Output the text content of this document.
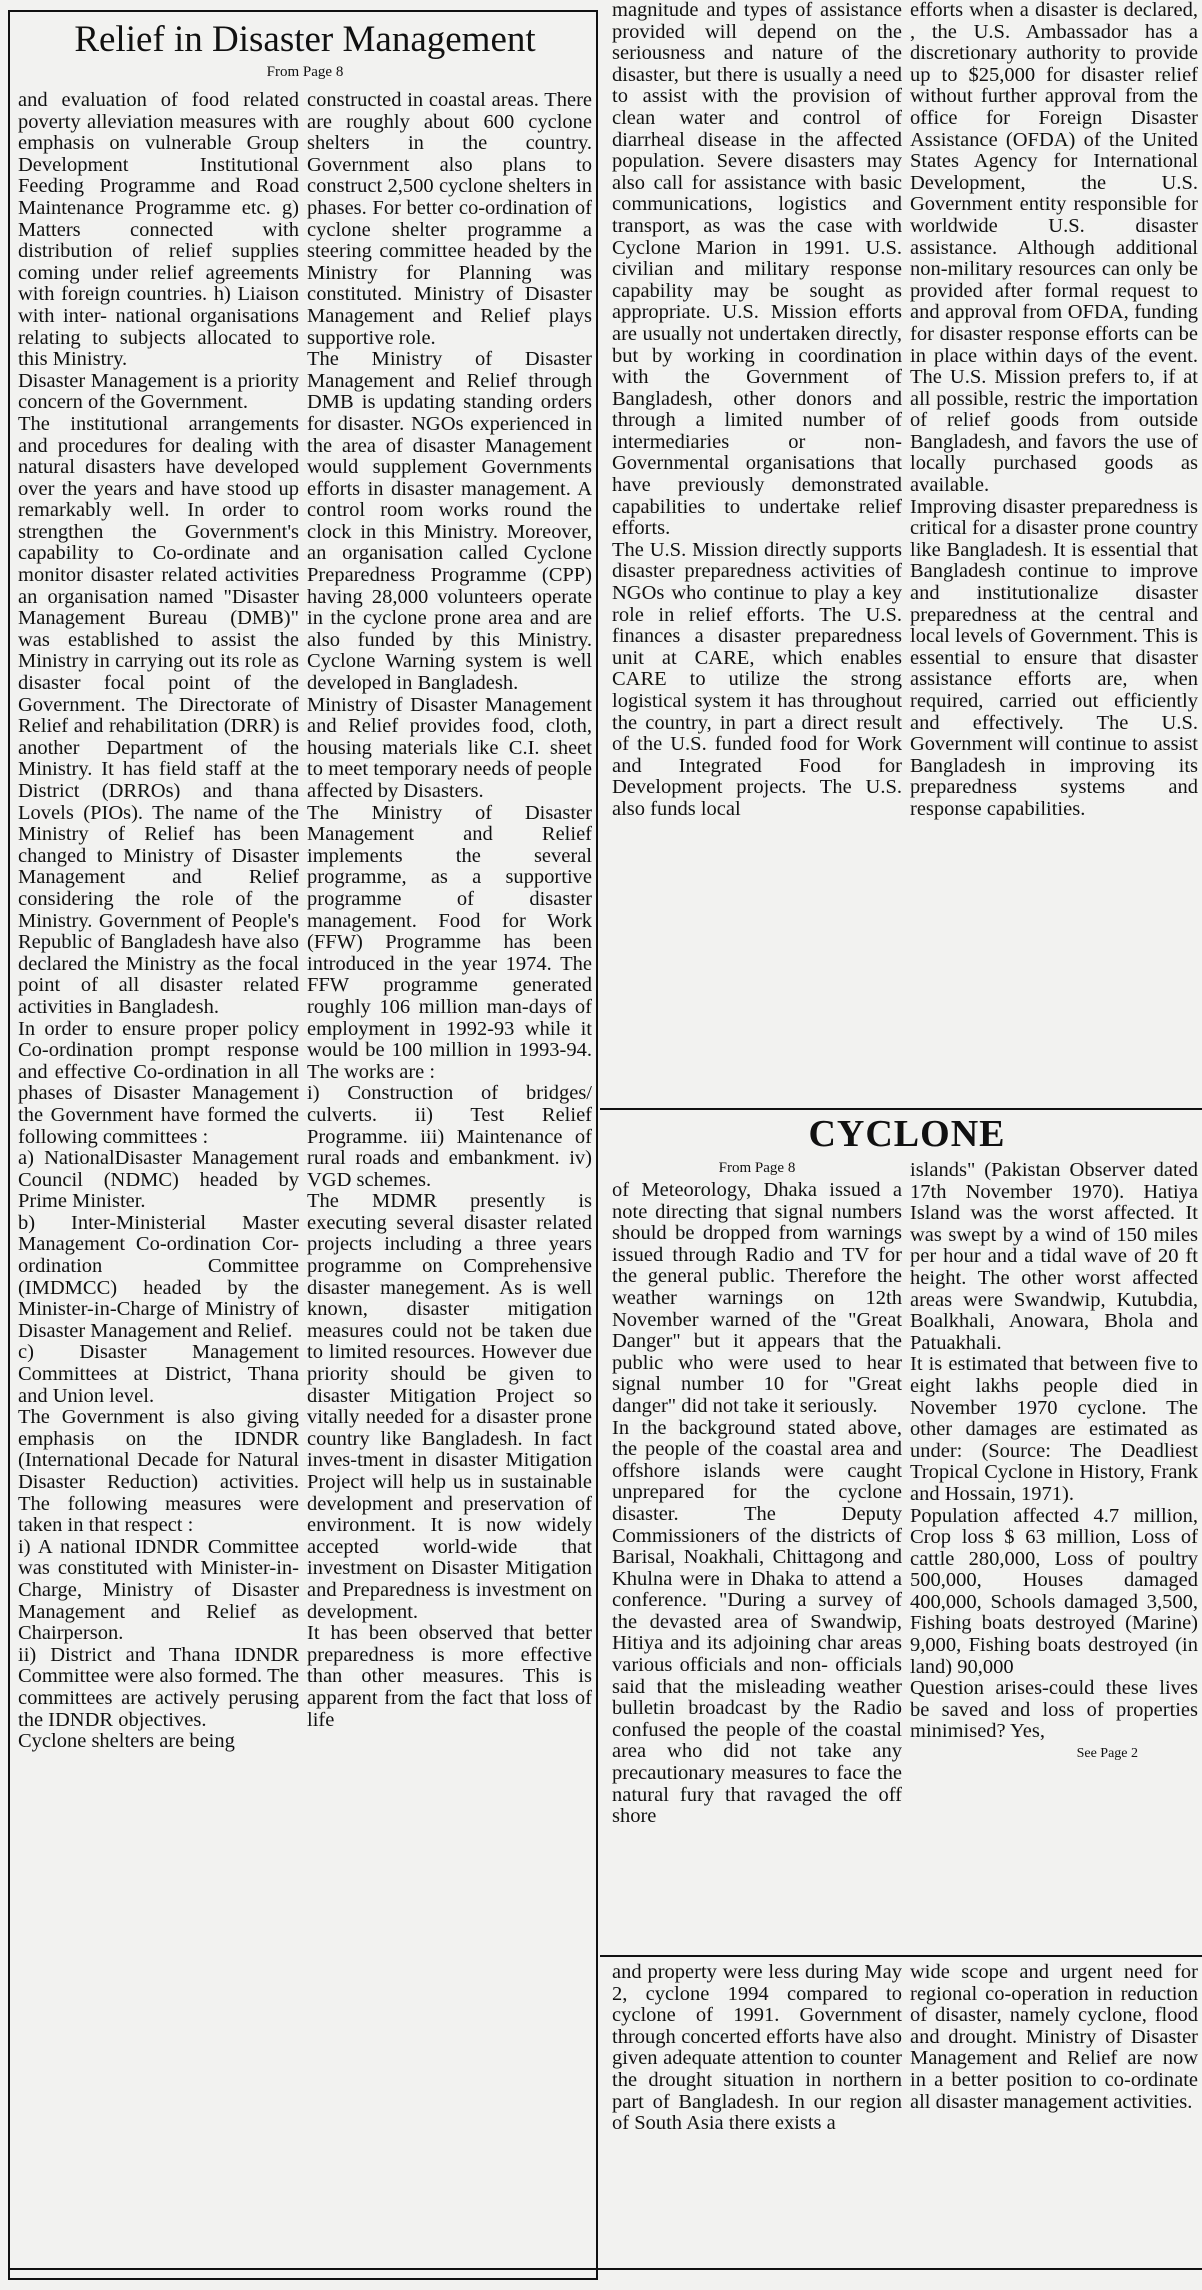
Relief in Disaster Management
From Page 8

and evaluation of food related poverty alleviation measures with emphasis on vulnerable Group Development Institutional Feeding Programme and Road Maintenance Programme etc. g) Matters connected with distribution of relief supplies coming under relief agreements with foreign countries. h) Liaison with inter- national organisations relating to subjects allocated to this Ministry.

Disaster Management is a priority concern of the Government.

The institutional arrangements and procedures for dealing with natural disasters have developed over the years and have stood up remarkably well. In order to strengthen the Government's capability to Co-ordinate and monitor disaster related activities an organisation named "Disaster Management Bureau (DMB)" was established to assist the Ministry in carrying out its role as disaster focal point of the Government. The Directorate of Relief and rehabilitation (DRR) is another Department of the Ministry. It has field staff at the District (DRROs) and thana Lovels (PIOs). The name of the Ministry of Relief has been changed to Ministry of Disaster Management and Relief considering the role of the Ministry. Government of People's Republic of Bangladesh have also declared the Ministry as the focal point of all disaster related activities in Bangladesh.

In order to ensure proper policy Co-ordination prompt response and effective Co-ordination in all phases of Disaster Management the Government have formed the following committees :

a) NationalDisaster Management Council (NDMC) headed by Prime Minister.

b) Inter-Ministerial Master Management Co-ordination Cor-ordination Committee (IMDMCC) headed by the Minister-in-Charge of Ministry of Disaster Management and Relief.

c) Disaster Management Committees at District, Thana and Union level.

The Government is also giving emphasis on the IDNDR (International Decade for Natural Disaster Reduction) activities. The following measures were taken in that respect :

i) A national IDNDR Committee was constituted with Minister-in-Charge, Ministry of Disaster Management and Relief as Chairperson.

ii) District and Thana IDNDR Committee were also formed. The committees are actively perusing the IDNDR objectives.

Cyclone shelters are being

constructed in coastal areas. There are roughly about 600 cyclone shelters in the country. Government also plans to construct 2,500 cyclone shelters in phases. For better co-ordination of cyclone shelter programme a steering committee headed by the Ministry for Planning was constituted. Ministry of Disaster Management and Relief plays supportive role.

The Ministry of Disaster Management and Relief through DMB is updating standing orders for disaster. NGOs experienced in the area of disaster Management would supplement Governments efforts in disaster management. A control room works round the clock in this Ministry. Moreover, an organisation called Cyclone Preparedness Programme (CPP) having 28,000 volunteers operate in the cyclone prone area and are also funded by this Ministry. Cyclone Warning system is well developed in Bangladesh.

Ministry of Disaster Management and Relief provides food, cloth, housing materials like C.I. sheet to meet temporary needs of people affected by Disasters.

The Ministry of Disaster Management and Relief implements the several programme, as a supportive programme of disaster management. Food for Work (FFW) Programme has been introduced in the year 1974. The FFW programme generated roughly 106 million man-days of employment in 1992-93 while it would be 100 million in 1993-94. The works are :

i) Construction of bridges/ culverts. ii) Test Relief Programme. iii) Maintenance of rural roads and embankment. iv) VGD schemes.

The MDMR presently is executing several disaster related projects including a three years programme on Comprehensive disaster manegement. As is well known, disaster mitigation measures could not be taken due to limited resources. However due priority should be given to disaster Mitigation Project so vitally needed for a disaster prone country like Bangladesh. In fact inves-tment in disaster Mitigation Project will help us in sustainable development and preservation of environment. It is now widely accepted world-wide that investment on Disaster Mitigation and Preparedness is investment on development.

It has been observed that better preparedness is more effective than other measures. This is apparent from the fact that loss of life

magnitude and types of assistance provided will depend on the seriousness and nature of the disaster, but there is usually a need to assist with the provision of clean water and control of diarrheal disease in the affected population. Severe disasters may also call for assistance with basic communications, logistics and transport, as was the case with Cyclone Marion in 1991. U.S. civilian and military response capability may be sought as appropriate. U.S. Mission efforts are usually not undertaken directly, but by working in coordination with the Government of Bangladesh, other donors and through a limited number of intermediaries or non-Governmental organisations that have previously demonstrated capabilities to undertake relief efforts.

The U.S. Mission directly supports disaster preparedness activities of NGOs who continue to play a key role in relief efforts. The U.S. finances a disaster preparedness unit at CARE, which enables CARE to utilize the strong logistical system it has throughout the country, in part a direct result of the U.S. funded food for Work and Integrated Food for Development projects. The U.S. also funds local

efforts when a disaster is declared, , the U.S. Ambassador has a discretionary authority to provide up to $25,000 for disaster relief without further approval from the office for Foreign Disaster Assistance (OFDA) of the United States Agency for International Development, the U.S. Government entity responsible for worldwide U.S. disaster assistance. Although additional non-military resources can only be provided after formal request to and approval from OFDA, funding for disaster response efforts can be in place within days of the event. The U.S. Mission prefers to, if at all possible, restric the importation of relief goods from outside Bangladesh, and favors the use of locally purchased goods as available.

Improving disaster preparedness is critical for a disaster prone country like Bangladesh. It is essential that Bangladesh continue to improve and institutionalize disaster preparedness at the central and local levels of Government. This is essential to ensure that disaster assistance efforts are, when required, carried out efficiently and effectively. The U.S. Government will continue to assist Bangladesh in improving its preparedness systems and response capabilities.

CYCLONE
From Page 8

of Meteorology, Dhaka issued a note directing that signal numbers should be dropped from warnings issued through Radio and TV for the general public. Therefore the weather warnings on 12th November warned of the "Great Danger" but it appears that the public who were used to hear signal number 10 for "Great danger" did not take it seriously.

In the background stated above, the people of the coastal area and offshore islands were caught unprepared for the cyclone disaster. The Deputy Commissioners of the districts of Barisal, Noakhali, Chittagong and Khulna were in Dhaka to attend a conference. "During a survey of the devasted area of Swandwip, Hitiya and its adjoining char areas various officials and non- officials said that the misleading weather bulletin broadcast by the Radio confused the people of the coastal area who did not take any precautionary measures to face the natural fury that ravaged the off shore

islands" (Pakistan Observer dated 17th November 1970). Hatiya Island was the worst affected. It was swept by a wind of 150 miles per hour and a tidal wave of 20 ft height. The other worst affected areas were Swandwip, Kutubdia, Boalkhali, Anowara, Bhola and Patuakhali.

It is estimated that between five to eight lakhs people died in November 1970 cyclone. The other damages are estimated as under: (Source: The Deadliest Tropical Cyclone in History, Frank and Hossain, 1971).

Population affected 4.7 million, Crop loss $ 63 million, Loss of cattle 280,000, Loss of poultry 500,000, Houses damaged 400,000, Schools damaged 3,500, Fishing boats destroyed (Marine) 9,000, Fishing boats destroyed (in land) 90,000

Question arises-could these lives be saved and loss of properties minimised? Yes,

See Page 2

and property were less during May 2, cyclone 1994 compared to cyclone of 1991. Government through concerted efforts have also given adequate attention to counter the drought situation in northern part of Bangladesh. In our region of South Asia there exists a

wide scope and urgent need for regional co-operation in reduction of disaster, namely cyclone, flood and drought. Ministry of Disaster Management and Relief are now in a better position to co-ordinate all disaster management activities.
